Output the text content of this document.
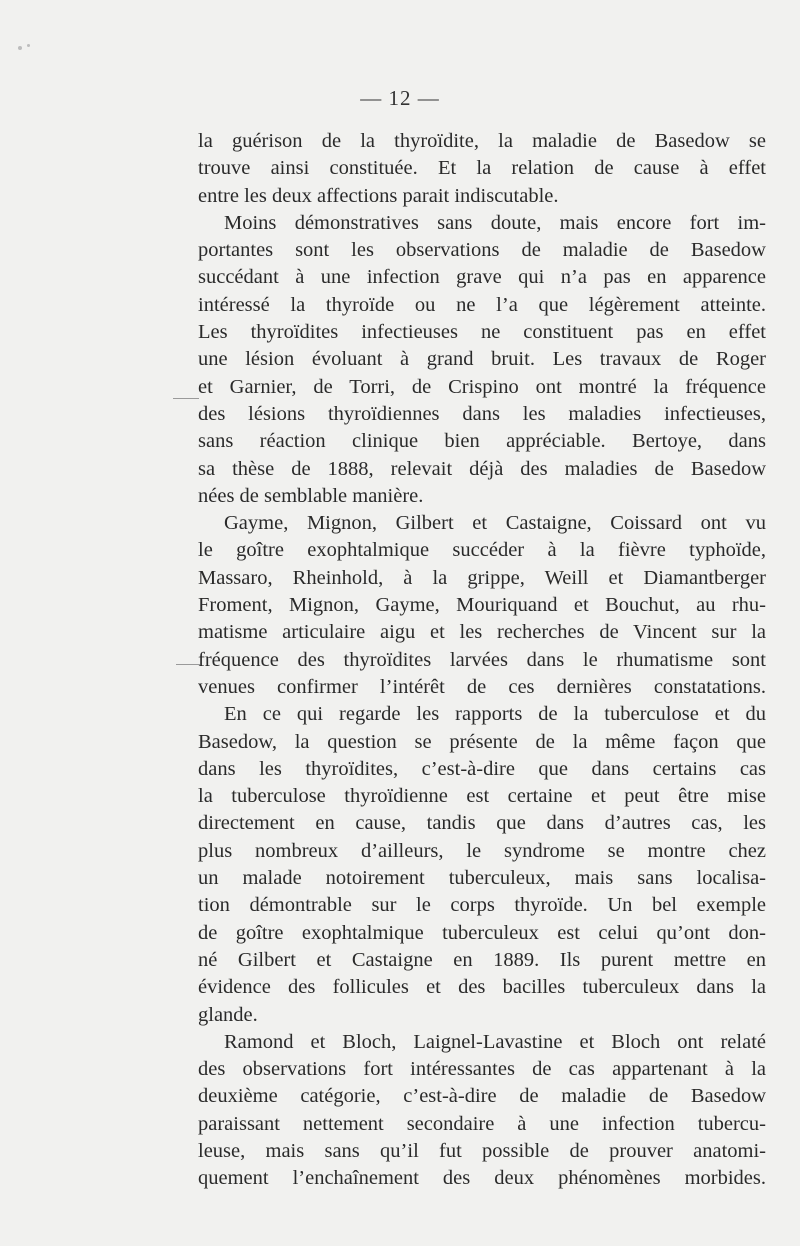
— 12 —
la guérison de la thyroïdite, la maladie de Basedow se
trouve ainsi constituée. Et la relation de cause à effet
entre les deux affections parait indiscutable.
Moins démonstratives sans doute, mais encore fort im-
portantes sont les observations de maladie de Basedow
succédant à une infection grave qui n’a pas en apparence
intéressé la thyroïde ou ne l’a que légèrement atteinte.
Les thyroïdites infectieuses ne constituent pas en effet
une lésion évoluant à grand bruit. Les travaux de Roger
et Garnier, de Torri, de Crispino ont montré la fréquence
des lésions thyroïdiennes dans les maladies infectieuses,
sans réaction clinique bien appréciable. Bertoye, dans
sa thèse de 1888, relevait déjà des maladies de Basedow
nées de semblable manière.
Gayme, Mignon, Gilbert et Castaigne, Coissard ont vu
le goître exophtalmique succéder à la fièvre typhoïde,
Massaro, Rheinhold, à la grippe, Weill et Diamantberger
Froment, Mignon, Gayme, Mouriquand et Bouchut, au rhu-
matisme articulaire aigu et les recherches de Vincent sur la
fréquence des thyroïdites larvées dans le rhumatisme sont
venues confirmer l’intérêt de ces dernières constatations.
En ce qui regarde les rapports de la tuberculose et du
Basedow, la question se présente de la même façon que
dans les thyroïdites, c’est-à-dire que dans certains cas
la tuberculose thyroïdienne est certaine et peut être mise
directement en cause, tandis que dans d’autres cas, les
plus nombreux d’ailleurs, le syndrome se montre chez
un malade notoirement tuberculeux, mais sans localisa-
tion démontrable sur le corps thyroïde. Un bel exemple
de goître exophtalmique tuberculeux est celui qu’ont don-
né Gilbert et Castaigne en 1889. Ils purent mettre en
évidence des follicules et des bacilles tuberculeux dans la
glande.
Ramond et Bloch, Laignel-Lavastine et Bloch ont relaté
des observations fort intéressantes de cas appartenant à la
deuxième catégorie, c’est-à-dire de maladie de Basedow
paraissant nettement secondaire à une infection tubercu-
leuse, mais sans qu’il fut possible de prouver anatomi-
quement l’enchaînement des deux phénomènes morbides.
